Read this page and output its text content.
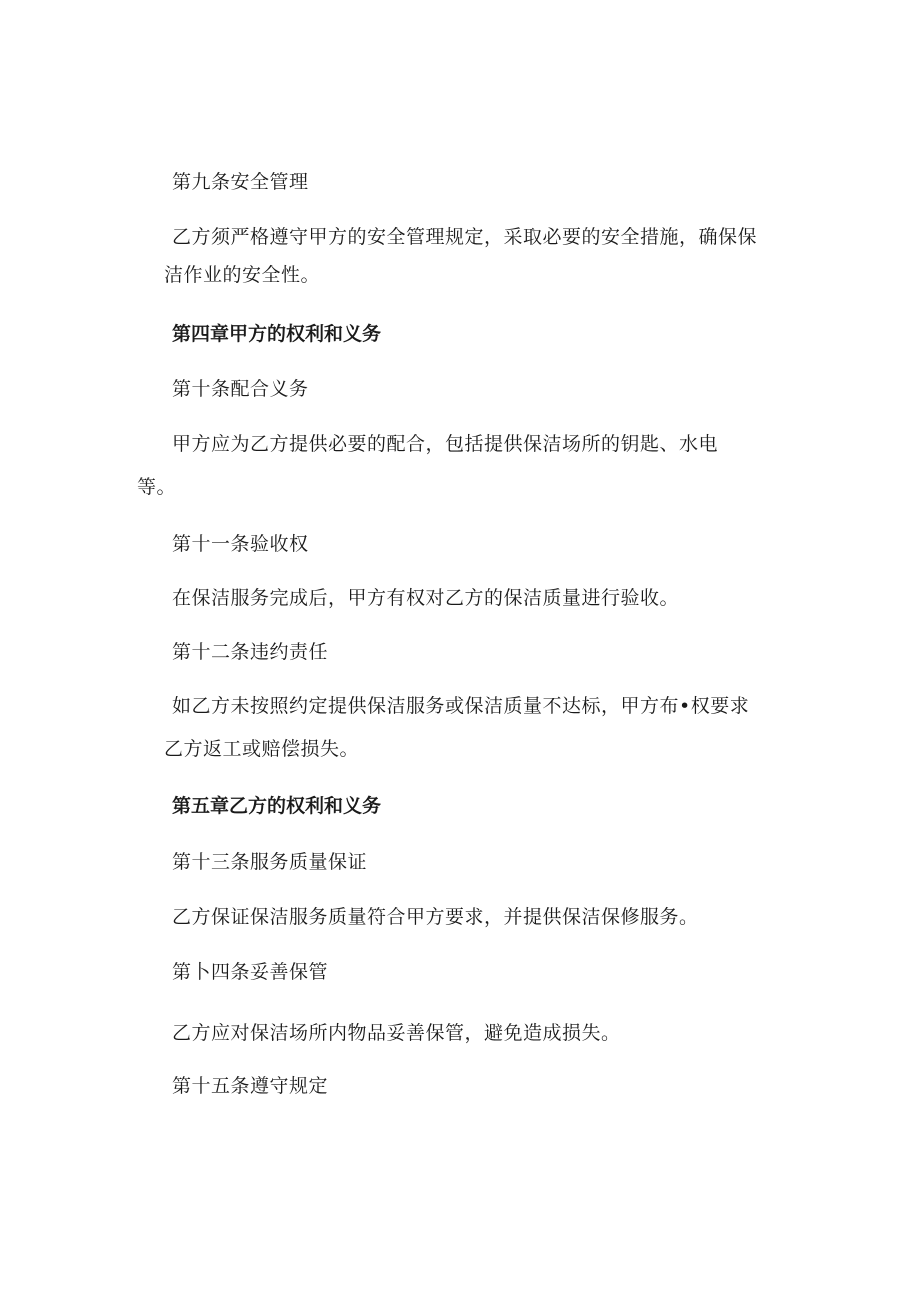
第九条安全管理

乙方须严格遵守甲方的安全管理规定，采取必要的安全措施，确保保

洁作业的安全性。

第四章甲方的权利和义务

第十条配合义务

甲方应为乙方提供必要的配合，包括提供保洁场所的钥匙、水电

等。

第十一条验收权

在保洁服务完成后，甲方有权对乙方的保洁质量进行验收。

第十二条违约责任

如乙方未按照约定提供保洁服务或保洁质量不达标，甲方布•权要求

乙方返工或赔偿损失。

第五章乙方的权利和义务

第十三条服务质量保证

乙方保证保洁服务质量符合甲方要求，并提供保洁保修服务。

第卜四条妥善保管

乙方应对保洁场所内物品妥善保管，避免造成损失。

第十五条遵守规定
